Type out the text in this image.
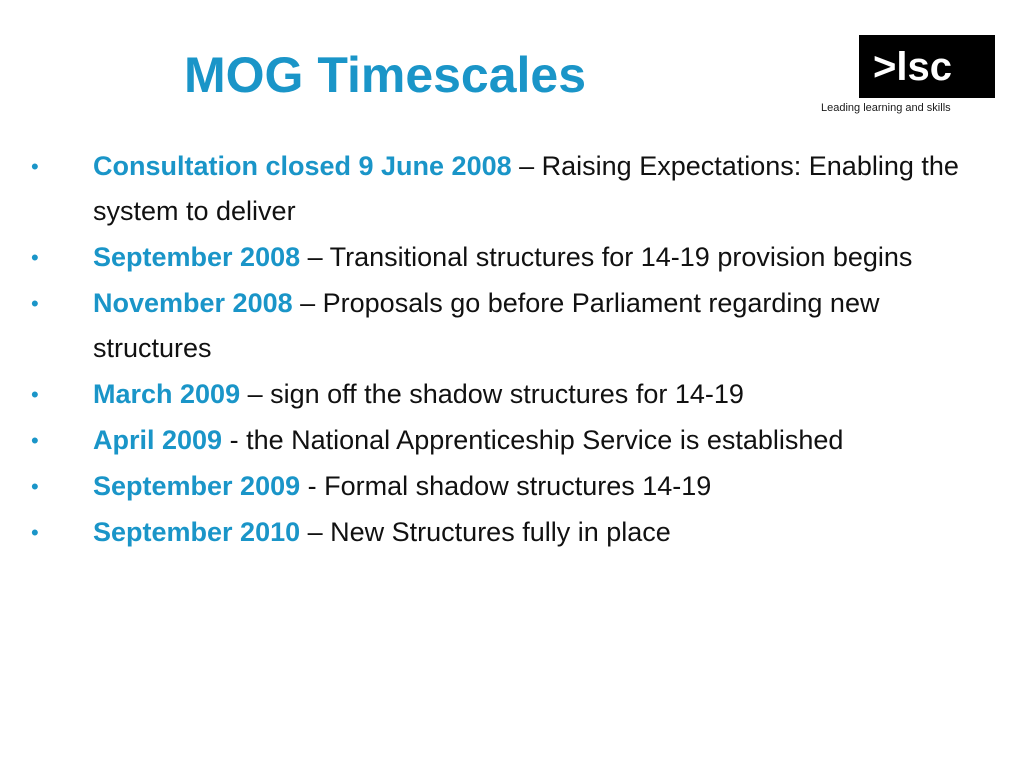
MOG Timescales	>lsc
Leading learning and skills
• Consultation closed 9 June 2008 – Raising Expectations: Enabling the system to deliver
• September 2008 – Transitional structures for 14-19 provision begins
• November 2008 – Proposals go before Parliament regarding new structures
• March 2009 – sign off the shadow structures for 14-19
• April 2009 - the National Apprenticeship Service is established
• September 2009 - Formal shadow structures 14-19
• September 2010 – New Structures fully in place
